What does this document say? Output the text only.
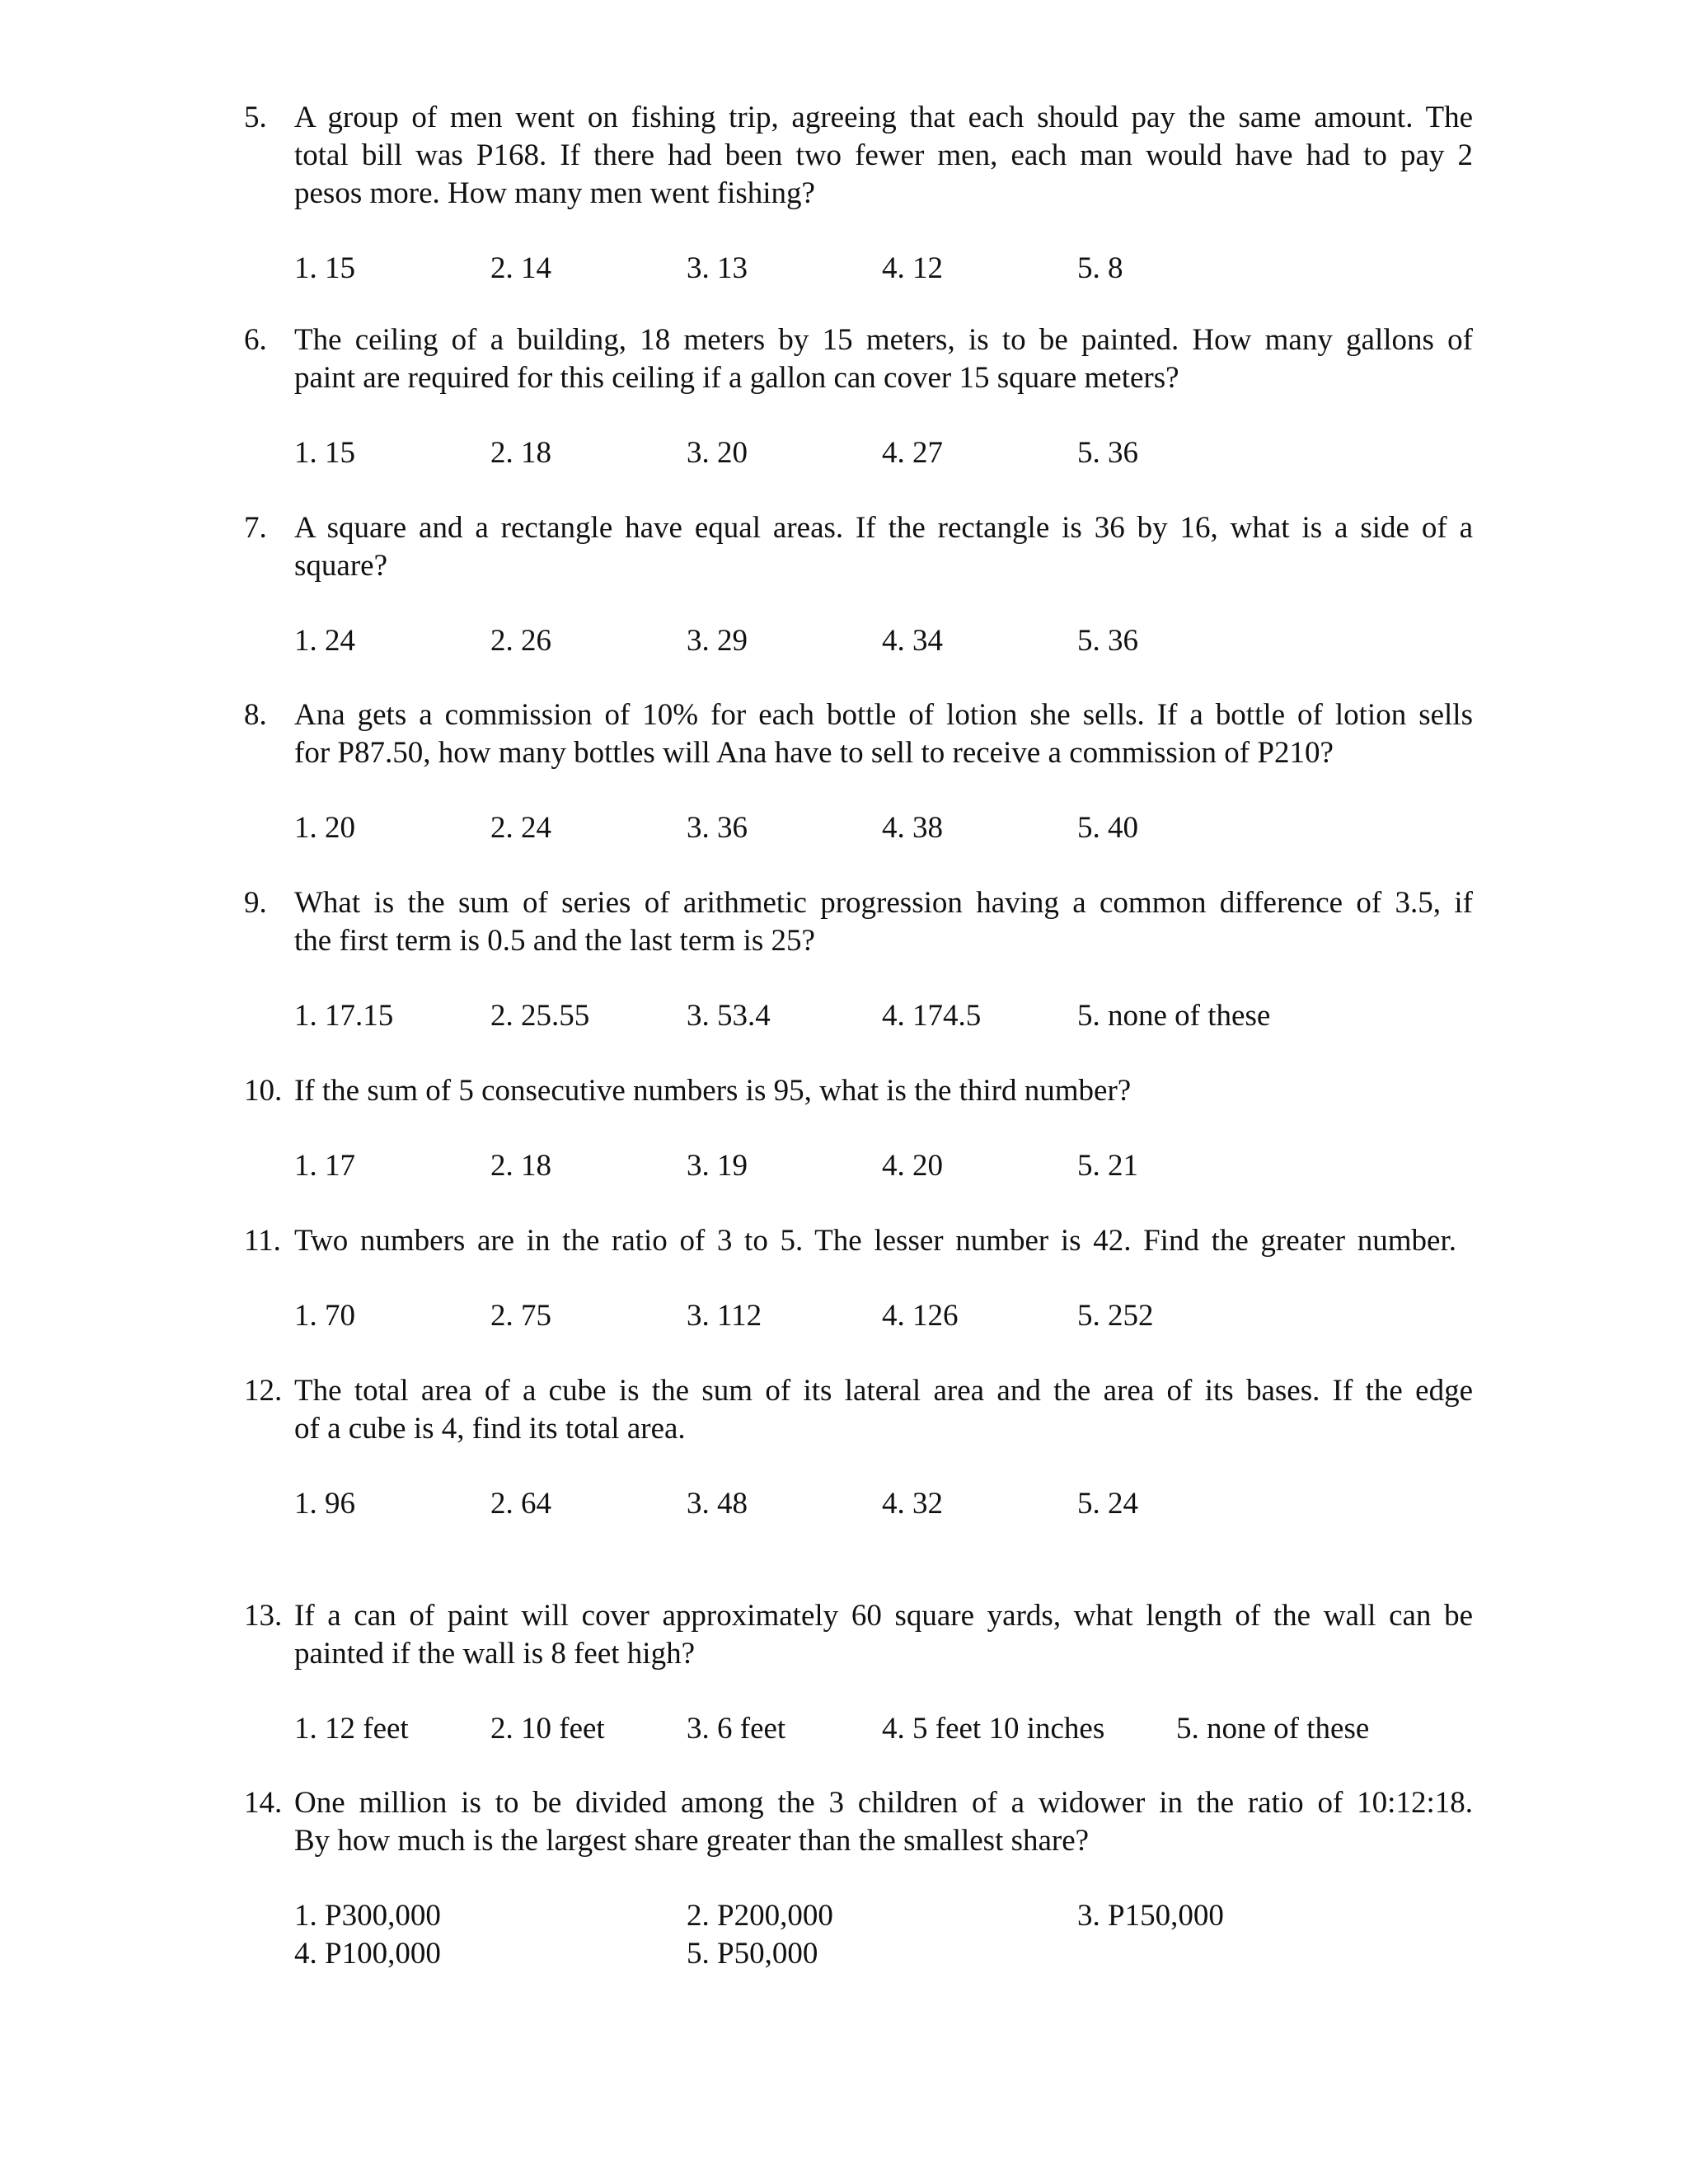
5. A group of men went on fishing trip, agreeing that each should pay the same amount. The
total bill was P168. If there had been two fewer men, each man would have had to pay 2
pesos more. How many men went fishing?
1. 15	2. 14	3. 13	4. 12	5. 8
6. The ceiling of a building, 18 meters by 15 meters, is to be painted. How many gallons of
paint are required for this ceiling if a gallon can cover 15 square meters?
1. 15	2. 18	3. 20	4. 27	5. 36
7. A square and a rectangle have equal areas. If the rectangle is 36 by 16, what is a side of a
square?
1. 24	2. 26	3. 29	4. 34	5. 36
8. Ana gets a commission of 10% for each bottle of lotion she sells. If a bottle of lotion sells
for P87.50, how many bottles will Ana have to sell to receive a commission of P210?
1. 20	2. 24	3. 36	4. 38	5. 40
9. What is the sum of series of arithmetic progression having a common difference of 3.5, if
the first term is 0.5 and the last term is 25?
1. 17.15	2. 25.55	3. 53.4	4. 174.5	5. none of these
10. If the sum of 5 consecutive numbers is 95, what is the third number?
1. 17	2. 18	3. 19	4. 20	5. 21
11. Two numbers are in the ratio of 3 to 5. The lesser number is 42. Find the greater number.
1. 70	2. 75	3. 112	4. 126	5. 252
12. The total area of a cube is the sum of its lateral area and the area of its bases. If the edge
of a cube is 4, find its total area.
1. 96	2. 64	3. 48	4. 32	5. 24
13. If a can of paint will cover approximately 60 square yards, what length of the wall can be
painted if the wall is 8 feet high?
1. 12 feet	2. 10 feet	3. 6 feet	4. 5 feet 10 inches 5. none of these
14. One million is to be divided among the 3 children of a widower in the ratio of 10:12:18.
By how much is the largest share greater than the smallest share?
1. P300,000	2. P200,000	3. P150,000
4. P100,000	5. P50,000
